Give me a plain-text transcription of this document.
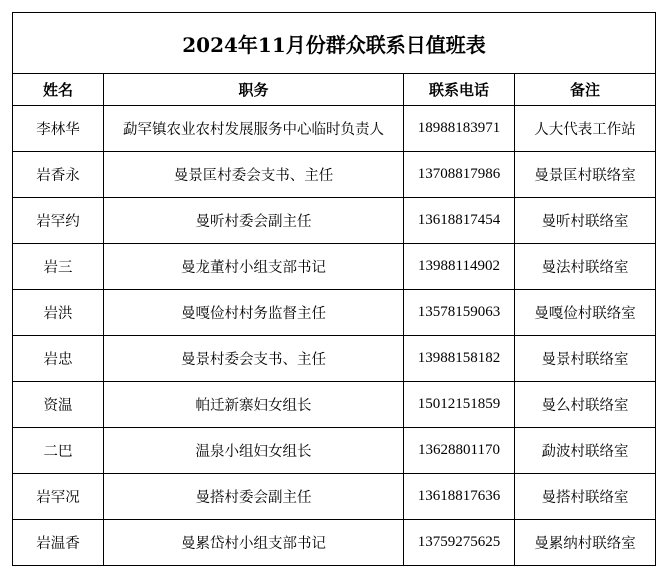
2024年11月份群众联系日值班表			
姓名	职务	联系电话	备注
李林华	勐罕镇农业农村发展服务中心临时负责人	18988183971	人大代表工作站
岩香永	曼景匡村委会支书、主任	13708817986	曼景匡村联络室
岩罕约	曼听村委会副主任	13618817454	曼听村联络室
岩三	曼龙董村小组支部书记	13988114902	曼法村联络室
岩洪	曼嘎俭村村务监督主任	13578159063	曼嘎俭村联络室
岩忠	曼景村委会支书、主任	13988158182	曼景村联络室
资温	帕迁新寨妇女组长	15012151859	曼么村联络室
二巴	温泉小组妇女组长	13628801170	勐波村联络室
岩罕况	曼搭村委会副主任	13618817636	曼搭村联络室
岩温香	曼累岱村小组支部书记	13759275625	曼累纳村联络室
